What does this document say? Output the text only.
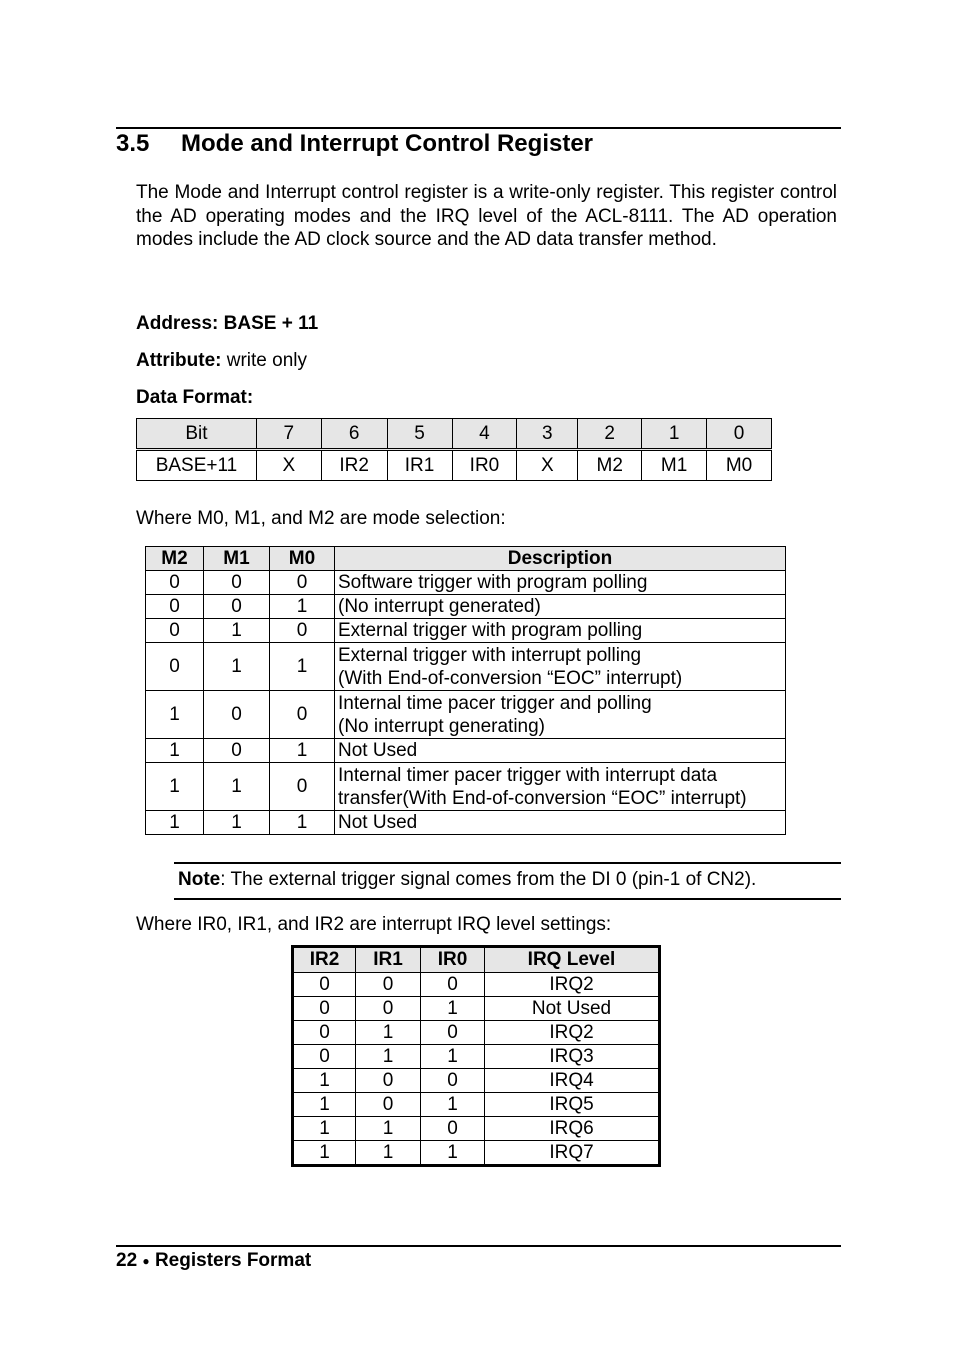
3.5 Mode and Interrupt Control Register
The Mode and Interrupt control register is a write-only register. This register control the AD operating modes and the IRQ level of the ACL-8111. The AD operation modes include the AD clock source and the AD data transfer method.
Address: BASE + 11
Attribute: write only
Data Format:
Bit	7	6	5	4	3	2	1	0
BASE+11	X	IR2	IR1	IR0	X	M2	M1	M0
Where M0, M1, and M2 are mode selection:
M2	M1	M0	Description
0	0	0	Software trigger with program polling

0	0	1	(No interrupt generated)

0	1	0	External trigger with program polling

0	1	1	External trigger with interrupt polling
(With End-of-conversion “EOC” interrupt)

1	0	0	Internal time pacer trigger and polling
(No interrupt generating)

1	0	1	Not Used

1	1	0	Internal timer pacer trigger with interrupt data
transfer(With End-of-conversion “EOC” interrupt)

1	1	1	Not Used
Note: The external trigger signal comes from the DI 0 (pin-1 of CN2).
Where IR0, IR1, and IR2 are interrupt IRQ level settings:
IR2	IR1	IR0	IRQ Level
0	0	0	IRQ2
0	0	1	Not Used
0	1	0	IRQ2
0	1	1	IRQ3
1	0	0	IRQ4
1	0	1	IRQ5
1	1	0	IRQ6
1	1	1	IRQ7
22 ● Registers Format
